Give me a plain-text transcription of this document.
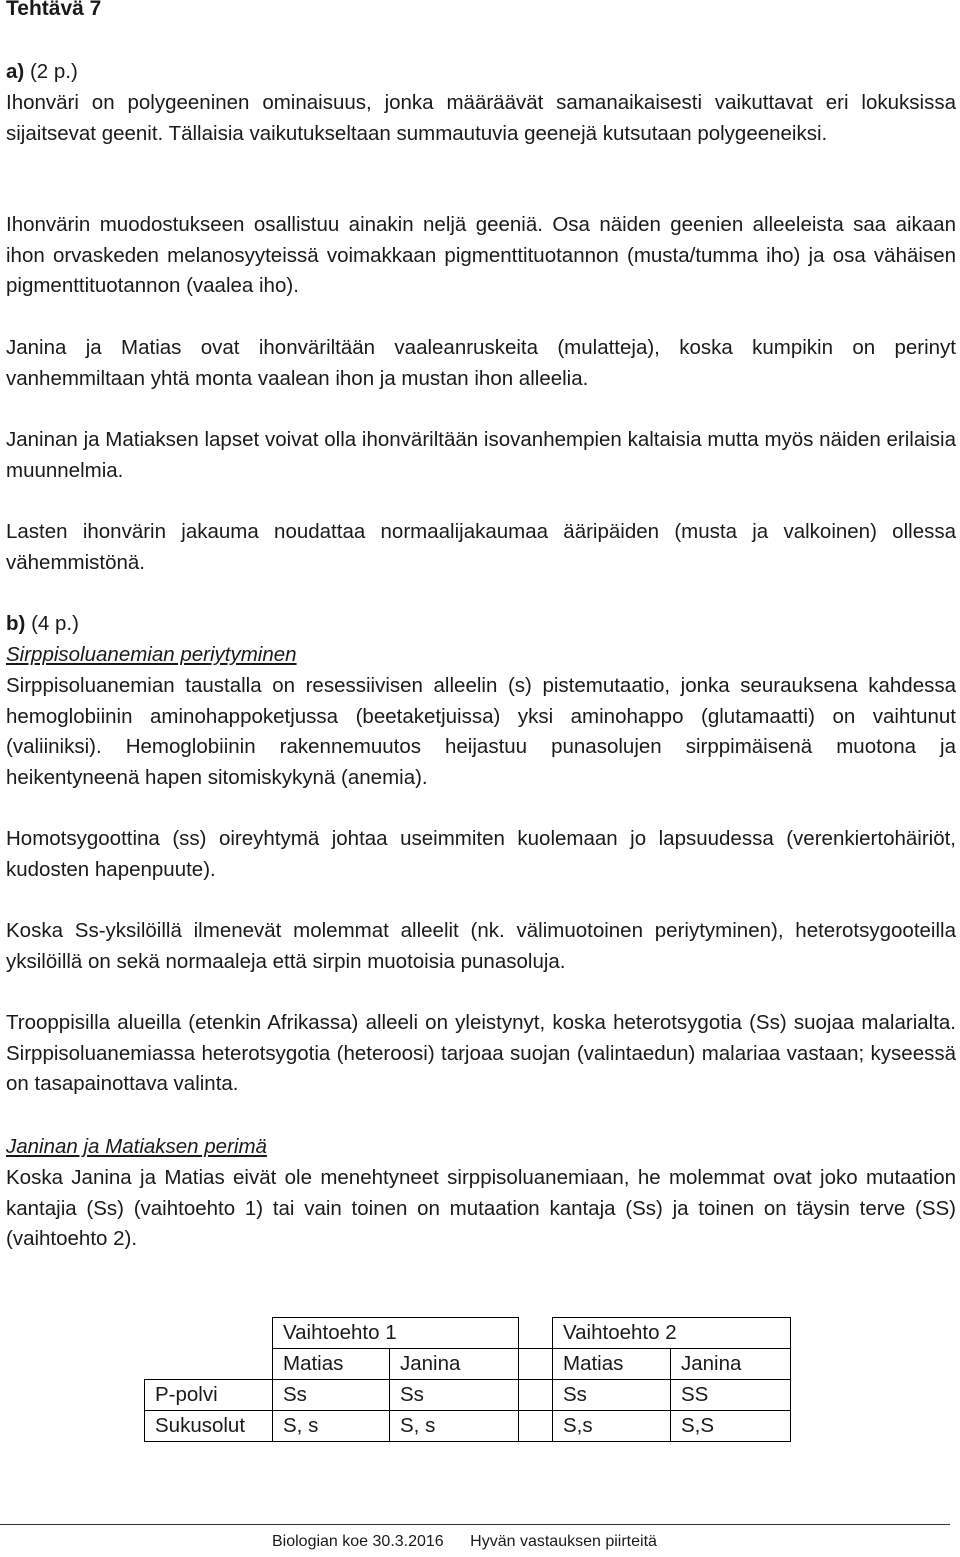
Tehtävä 7
a) (2 p.)
Ihonväri on polygeeninen ominaisuus, jonka määräävät samanaikaisesti vaikuttavat eri lokuksissa sijaitsevat geenit. Tällaisia vaikutukseltaan summautuvia geenejä kutsutaan polygeeneiksi.
Ihonvärin muodostukseen osallistuu ainakin neljä geeniä. Osa näiden geenien alleeleista saa aikaan ihon orvaskeden melanosyyteissä voimakkaan pigmenttituotannon (musta/tumma iho) ja osa vähäisen pigmenttituotannon (vaalea iho).
Janina ja Matias ovat ihonväriltään vaaleanruskeita (mulatteja), koska kumpikin on perinyt vanhemmiltaan yhtä monta vaalean ihon ja mustan ihon alleelia.
Janinan ja Matiaksen lapset voivat olla ihonväriltään isovanhempien kaltaisia mutta myös näiden erilaisia muunnelmia.
Lasten ihonvärin jakauma noudattaa normaalijakaumaa ääripäiden (musta ja valkoinen) ollessa vähemmistönä.
b) (4 p.)
Sirppisoluanemian periytyminen
Sirppisoluanemian taustalla on resessiivisen alleelin (s) pistemutaatio, jonka seurauksena kahdessa hemoglobiinin aminohappoketjussa (beetaketjuissa) yksi aminohappo (glutamaatti) on vaihtunut (valiiniksi). Hemoglobiinin rakennemuutos heijastuu punasolujen sirppimäisenä muotona ja heikentyneenä hapen sitomiskykynä (anemia).
Homotsygoottina (ss) oireyhtymä johtaa useimmiten kuolemaan jo lapsuudessa (verenkiertohäiriöt, kudosten hapenpuute).
Koska Ss-yksilöillä ilmenevät molemmat alleelit (nk. välimuotoinen periytyminen), heterotsygooteilla yksilöillä on sekä normaaleja että sirpin muotoisia punasoluja.
Trooppisilla alueilla (etenkin Afrikassa) alleeli on yleistynyt, koska heterotsygotia (Ss) suojaa malarialta. Sirppisoluanemiassa heterotsygotia (heteroosi) tarjoaa suojan (valintaedun) malariaa vastaan; kyseessä on tasapainottava valinta.
Janinan ja Matiaksen perimä
Koska Janina ja Matias eivät ole menehtyneet sirppisoluanemiaan, he molemmat ovat joko mutaation kantajia (Ss) (vaihtoehto 1) tai vain toinen on mutaation kantaja (Ss) ja toinen on täysin terve (SS) (vaihtoehto 2).
	Vaihtoehto 1			Vaihtoehto 2	
	Matias	Janina		Matias	Janina
P-polvi	Ss	Ss		Ss	SS
Sukusolut	S, s	S, s		S,s	S,S
Biologian koe 30.3.2016 Hyvän vastauksen piirteitä
